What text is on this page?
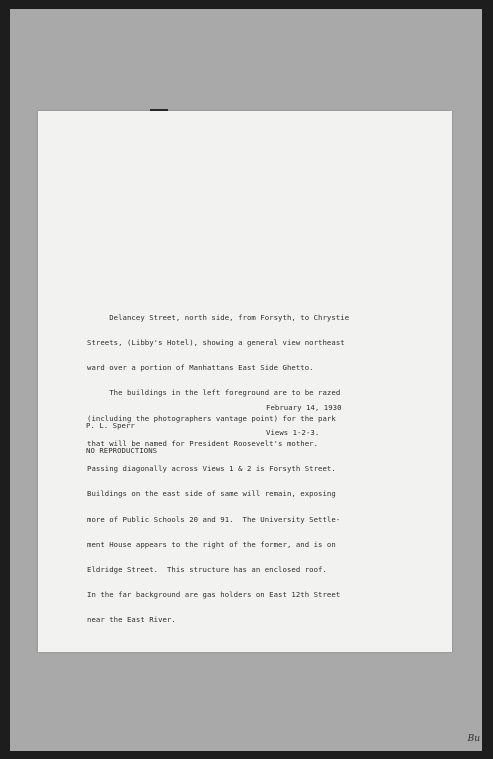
Bu

Delancey Street, north side, from Forsyth, to Chrystie

Streets, (Libby's Hotel), showing a general view northeast

ward over a portion of Manhattans East Side Ghetto.

The buildings in the left foreground are to be razed

(including the photographers vantage point) for the park

that will be named for President Roosevelt's mother.

Passing diagonally across Views 1 & 2 is Forsyth Street.

Buildings on the east side of same will remain, exposing

more of Public Schools 20 and 91.  The University Settle-

ment House appears to the right of the former, and is on

Eldridge Street.  This structure has an enclosed roof.

In the far background are gas holders on East 12th Street

near the East River.

February 14, 1930

Views 1-2-3.

P. L. Sperr

NO REPRODUCTIONS
